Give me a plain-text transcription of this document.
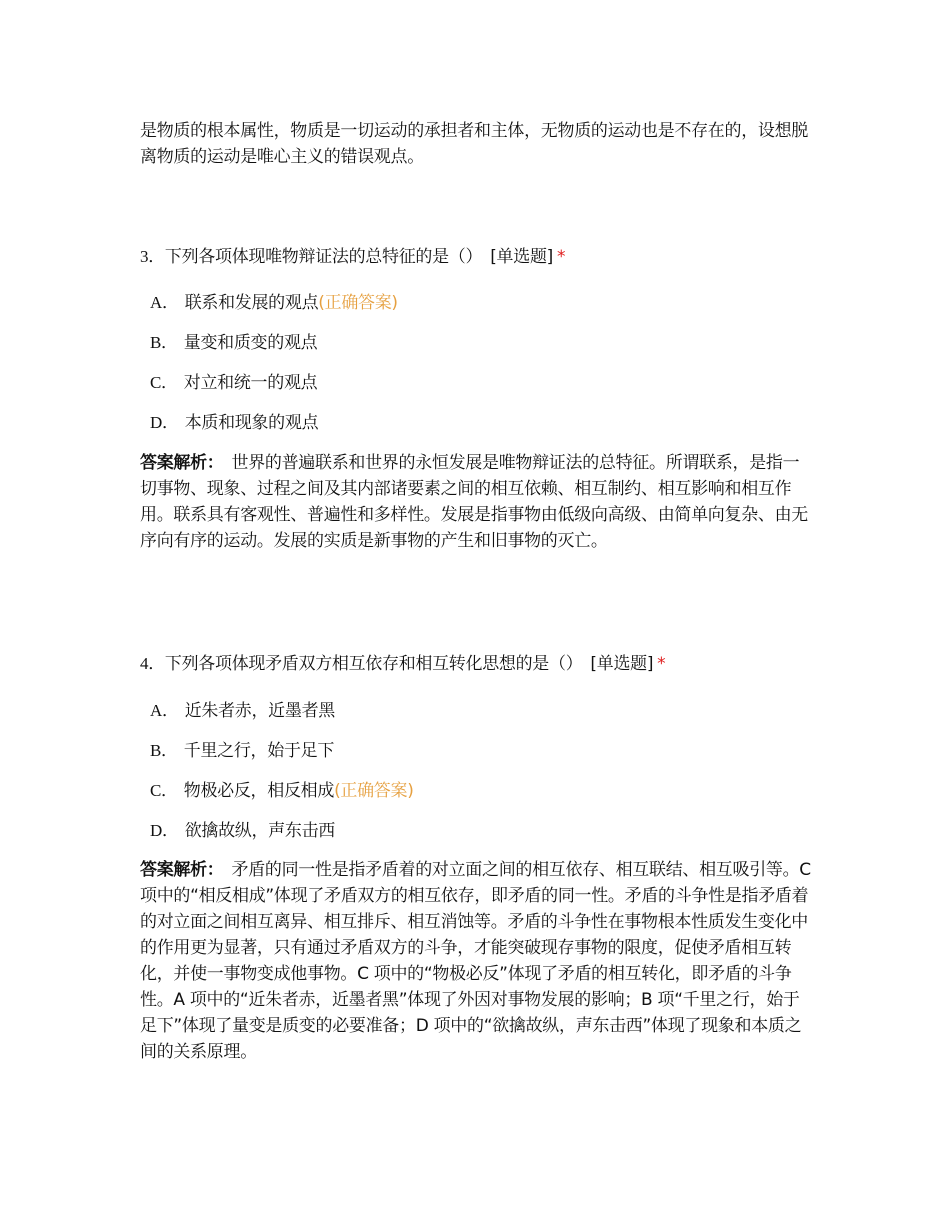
是物质的根本属性，物质是一切运动的承担者和主体，无物质的运动也是不存在的，设想脱离物质的运动是唯心主义的错误观点。

3．下列各项体现唯物辩证法的总特征的是（） [单选题] *

A． 联系和发展的观点(正确答案)
B． 量变和质变的观点
C． 对立和统一的观点
D． 本质和现象的观点

答案解析： 世界的普遍联系和世界的永恒发展是唯物辩证法的总特征。所谓联系，是指一切事物、现象、过程之间及其内部诸要素之间的相互依赖、相互制约、相互影响和相互作用。联系具有客观性、普遍性和多样性。发展是指事物由低级向高级、由简单向复杂、由无序向有序的运动。发展的实质是新事物的产生和旧事物的灭亡。

4．下列各项体现矛盾双方相互依存和相互转化思想的是（） [单选题] *

A． 近朱者赤，近墨者黑
B． 千里之行，始于足下
C． 物极必反，相反相成(正确答案)
D． 欲擒故纵，声东击西

答案解析： 矛盾的同一性是指矛盾着的对立面之间的相互依存、相互联结、相互吸引等。C 项中的“相反相成”体现了矛盾双方的相互依存，即矛盾的同一性。矛盾的斗争性是指矛盾着的对立面之间相互离异、相互排斥、相互消蚀等。矛盾的斗争性在事物根本性质发生变化中的作用更为显著，只有通过矛盾双方的斗争，才能突破现存事物的限度，促使矛盾相互转化，并使一事物变成他事物。C 项中的“物极必反”体现了矛盾的相互转化，即矛盾的斗争性。A 项中的“近朱者赤，近墨者黑”体现了外因对事物发展的影响；B 项“千里之行，始于足下”体现了量变是质变的必要准备；D 项中的“欲擒故纵，声东击西”体现了现象和本质之间的关系原理。
